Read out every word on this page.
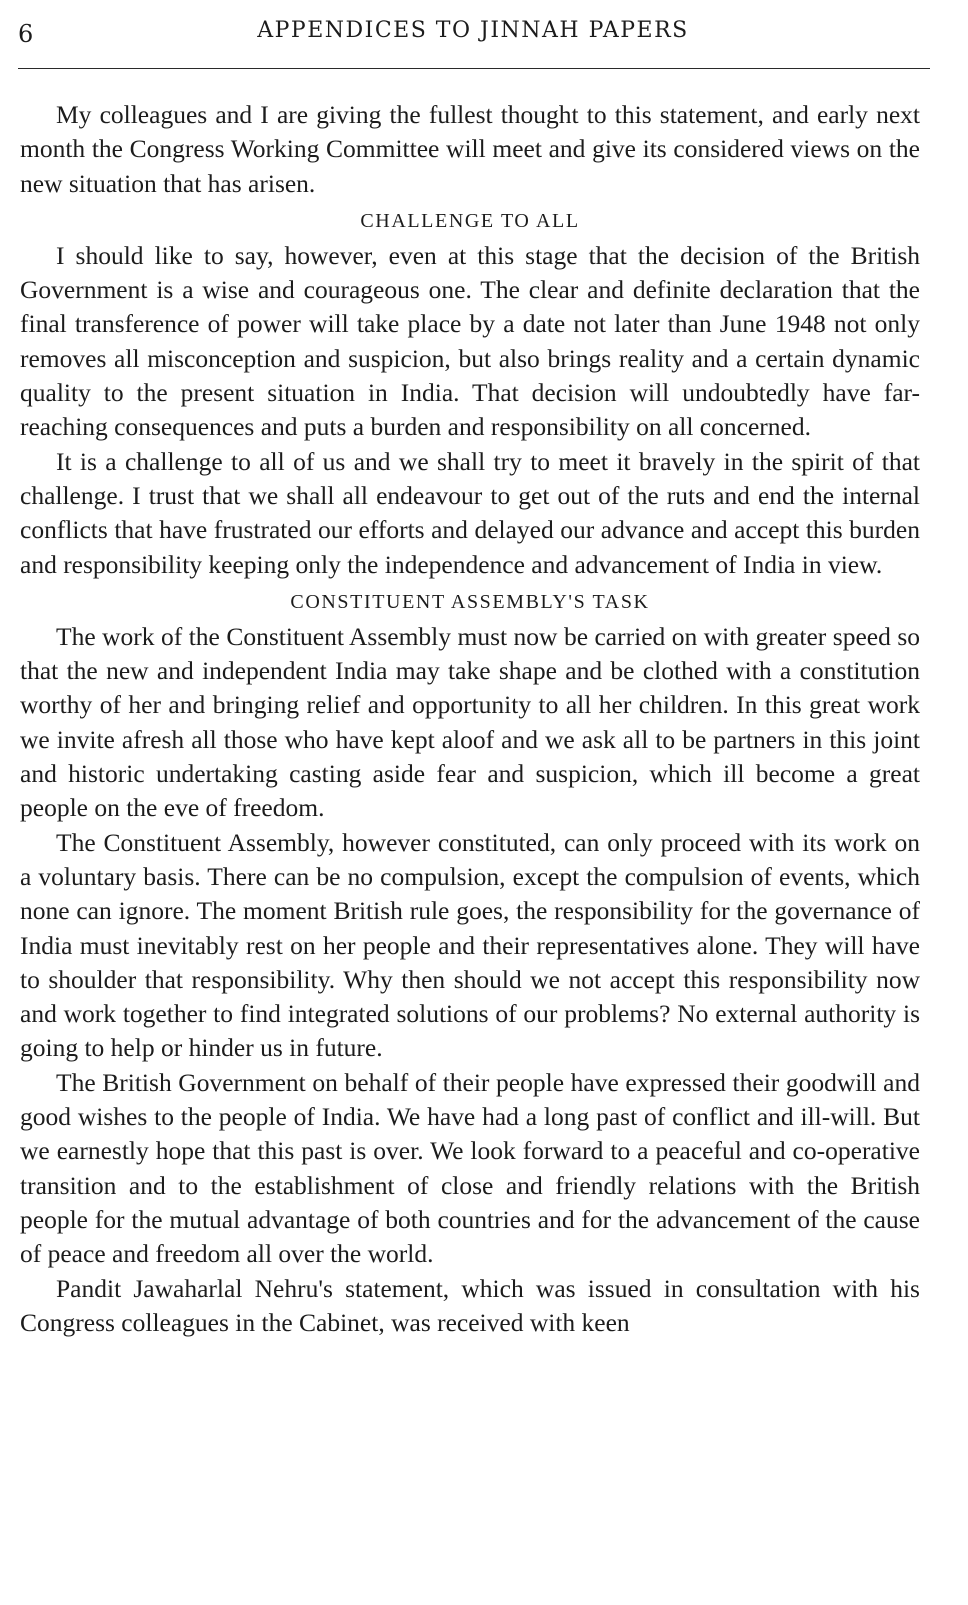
6	APPENDICES TO JINNAH PAPERS

My colleagues and I are giving the fullest thought to this statement, and early next month the Congress Working Committee will meet and give its considered views on the new situation that has arisen.

CHALLENGE TO ALL

I should like to say, however, even at this stage that the decision of the British Government is a wise and courageous one. The clear and definite declaration that the final transference of power will take place by a date not later than June 1948 not only removes all misconception and suspicion, but also brings reality and a certain dynamic quality to the present situation in India. That decision will undoubtedly have far-reaching consequences and puts a burden and responsibility on all concerned.

It is a challenge to all of us and we shall try to meet it bravely in the spirit of that challenge. I trust that we shall all endeavour to get out of the ruts and end the internal conflicts that have frustrated our efforts and delayed our advance and accept this burden and responsibility keeping only the independence and advancement of India in view.

CONSTITUENT ASSEMBLY'S TASK

The work of the Constituent Assembly must now be carried on with greater speed so that the new and independent India may take shape and be clothed with a constitution worthy of her and bringing relief and opportunity to all her children. In this great work we invite afresh all those who have kept aloof and we ask all to be partners in this joint and historic undertaking casting aside fear and suspicion, which ill become a great people on the eve of freedom.

The Constituent Assembly, however constituted, can only proceed with its work on a voluntary basis. There can be no compulsion, except the compulsion of events, which none can ignore. The moment British rule goes, the responsibility for the governance of India must inevitably rest on her people and their representatives alone. They will have to shoulder that responsibility. Why then should we not accept this responsibility now and work together to find integrated solutions of our problems? No external authority is going to help or hinder us in future.

The British Government on behalf of their people have expressed their goodwill and good wishes to the people of India. We have had a long past of conflict and ill-will. But we earnestly hope that this past is over. We look forward to a peaceful and co-operative transition and to the establishment of close and friendly relations with the British people for the mutual advantage of both countries and for the advancement of the cause of peace and freedom all over the world.

Pandit Jawaharlal Nehru's statement, which was issued in consultation with his Congress colleagues in the Cabinet, was received with keen
